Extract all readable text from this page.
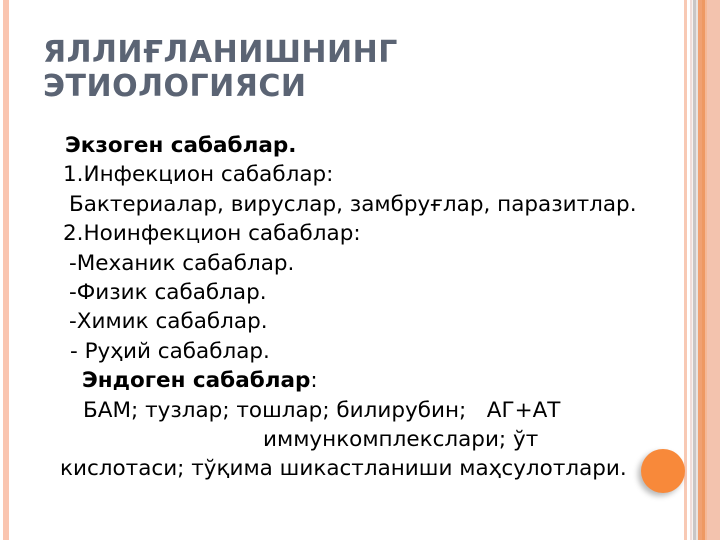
ЯЛЛИҒЛАНИШНИНГ
ЭТИОЛОГИЯСИ
Экзоген сабаблар.
1.Инфекцион сабаблар:
Бактериалар, вируслар, замбруғлар, паразитлар.
2.Ноинфекцион сабаблар:
-Механик сабаблар.
-Физик сабаблар.
-Химик сабаблар.
- Руҳий сабаблар.
Эндоген сабаблар:
БАМ; тузлар; тошлар; билирубин;   АГ+АТ
иммункомплекслари; ўт
кислотаси; тўқима шикастланиши маҳсулотлари.
